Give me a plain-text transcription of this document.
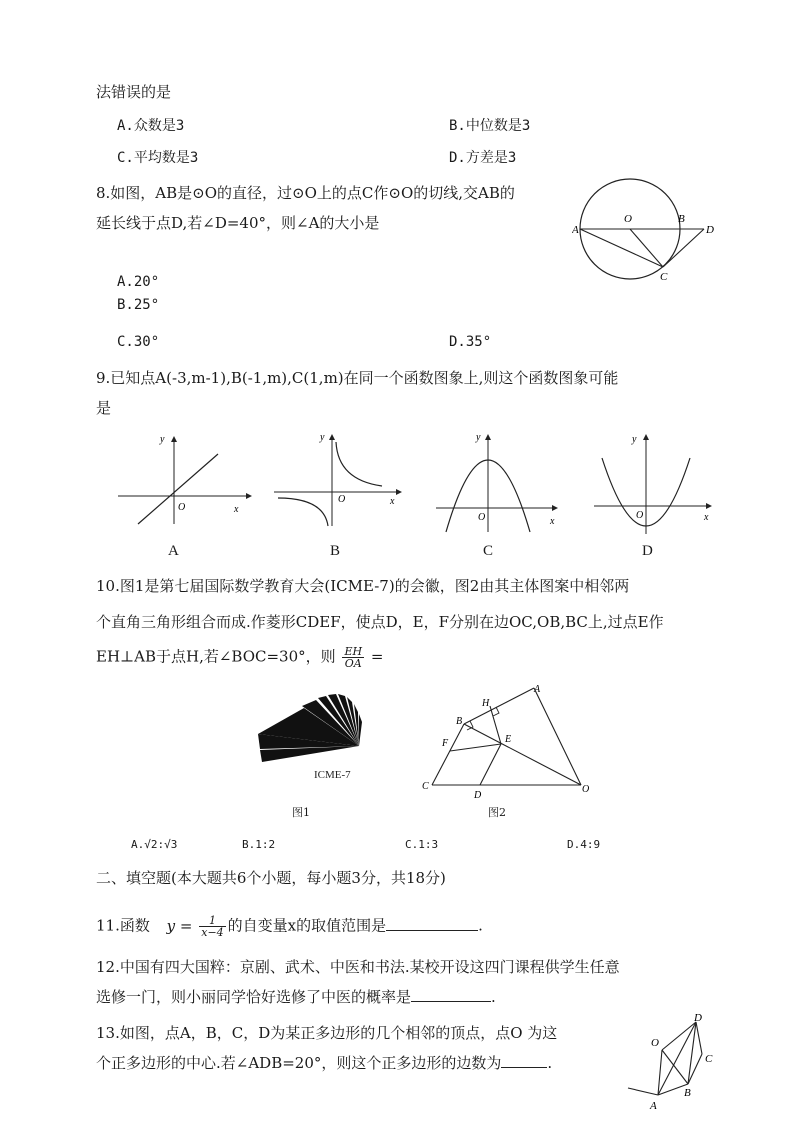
法错误的是
A.众数是3	B.中位数是3
C.平均数是3	D.方差是3
8.如图，AB是⊙O的直径，过⊙O上的点C作⊙O的切线,交AB的
延长线于点D,若∠D=40°，则∠A的大小是
A.20°
B.25°
C.30°	D.35°
A
O	B
D
C
9.已知点A(-3,m-1),B(-1,m),C(1,m)在同一个函数图象上,则这个函数图象可能
是
y
x
O
A
y
x
O
B
y
x
O
C
y
x
O
D
10.图1是第七届国际数学教育大会(ICME-7)的会徽，图2由其主体图案中相邻两
个直角三角形组合而成.作菱形CDEF，使点D，E，F分别在边OC,OB,BC上,过点E作
EH⊥AB于点H,若∠BOC=30°，则 $\frac{EH}{OA}$ =
ICME-7
图1
A
H
B
F	E
C
D
O
图2
A.√2:√3	B.1:2	C.1:3	D.4:9
二、填空题(本大题共6个小题，每小题3分，共18分)
11.函数 $y = \frac{1}{x-4}$ 的自变量x的取值范围是	.
12.中国有四大国粹：京剧、武术、中医和书法.某校开设这四门课程供学生任意
选修一门，则小丽同学恰好选修了中医的概率是	.
13.如图，点A，B，C，D为某正多边形的几个相邻的顶点，点O 为这
个正多边形的中心.若∠ADB=20°，则这个正多边形的边数为	.
D
O
C
A
B
